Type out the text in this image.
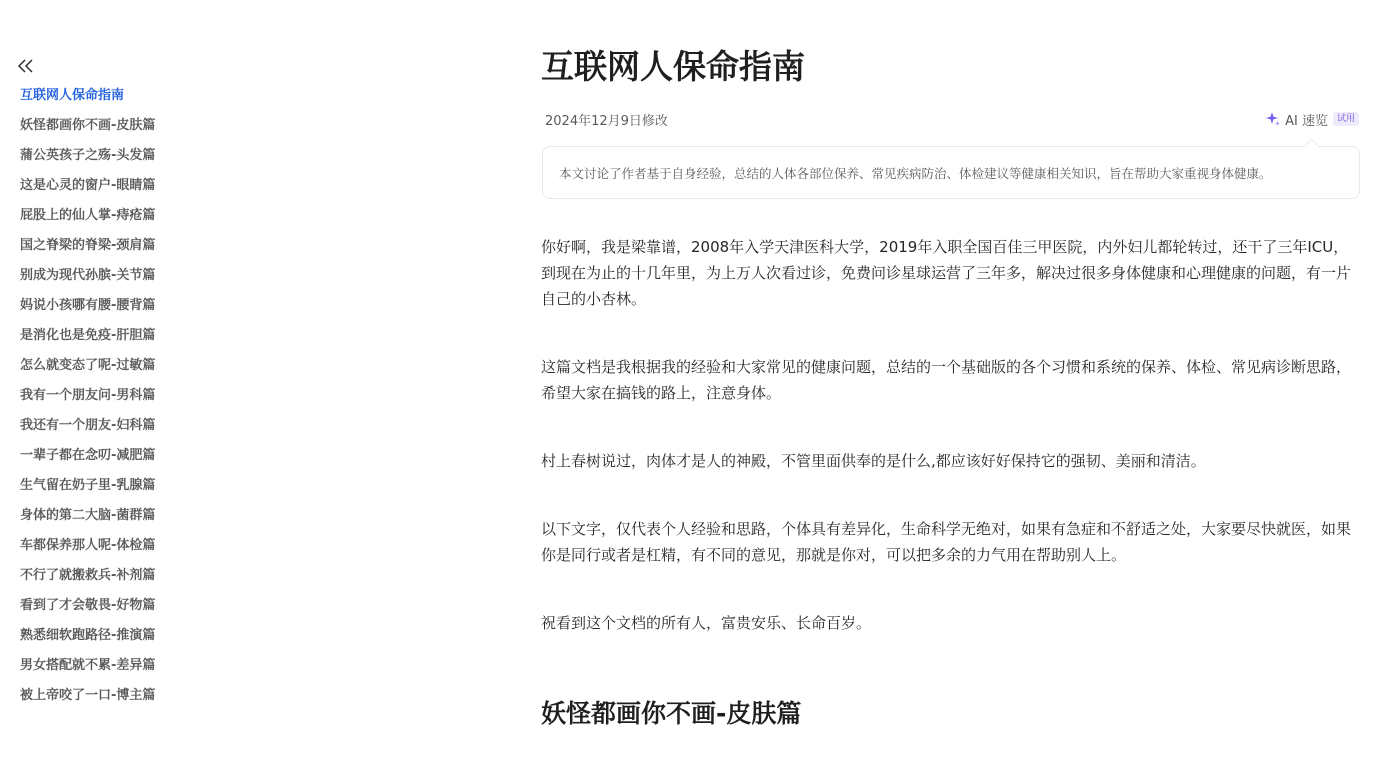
互联网人保命指南
妖怪都画你不画-皮肤篇
蒲公英孩子之殇-头发篇
这是心灵的窗户-眼睛篇
屁股上的仙人掌-痔疮篇
国之脊梁的脊梁-颈肩篇
别成为现代孙膑-关节篇
妈说小孩哪有腰-腰背篇
是消化也是免疫-肝胆篇
怎么就变态了呢-过敏篇
我有一个朋友问-男科篇
我还有一个朋友-妇科篇
一辈子都在念叨-减肥篇
生气留在奶子里-乳腺篇
身体的第二大脑-菌群篇
车都保养那人呢-体检篇
不行了就搬救兵-补剂篇
看到了才会敬畏-好物篇
熟悉细软跑路径-推演篇
男女搭配就不累-差异篇
被上帝咬了一口-博主篇
互联网人保命指南
2024年12月9日修改	AI 速览	试用
本文讨论了作者基于自身经验，总结的人体各部位保养、常见疾病防治、体检建议等健康相关知识，旨在帮助大家重视身体健康。

你好啊，我是梁靠谱，2008年入学天津医科大学，2019年入职全国百佳三甲医院，内外妇儿都轮转过，还干了三年ICU，到现在为止的十几年里，为上万人次看过诊，免费问诊星球运营了三年多，解决过很多身体健康和心理健康的问题，有一片自己的小杏林。

这篇文档是我根据我的经验和大家常见的健康问题，总结的一个基础版的各个习惯和系统的保养、体检、常见病诊断思路，希望大家在搞钱的路上，注意身体。

村上春树说过，肉体才是人的神殿，不管里面供奉的是什么,都应该好好保持它的强韧、美丽和清洁。

以下文字，仅代表个人经验和思路，个体具有差异化，生命科学无绝对，如果有急症和不舒适之处，大家要尽快就医，如果你是同行或者是杠精，有不同的意见，那就是你对，可以把多余的力气用在帮助别人上。

祝看到这个文档的所有人，富贵安乐、长命百岁。

妖怪都画你不画-皮肤篇
